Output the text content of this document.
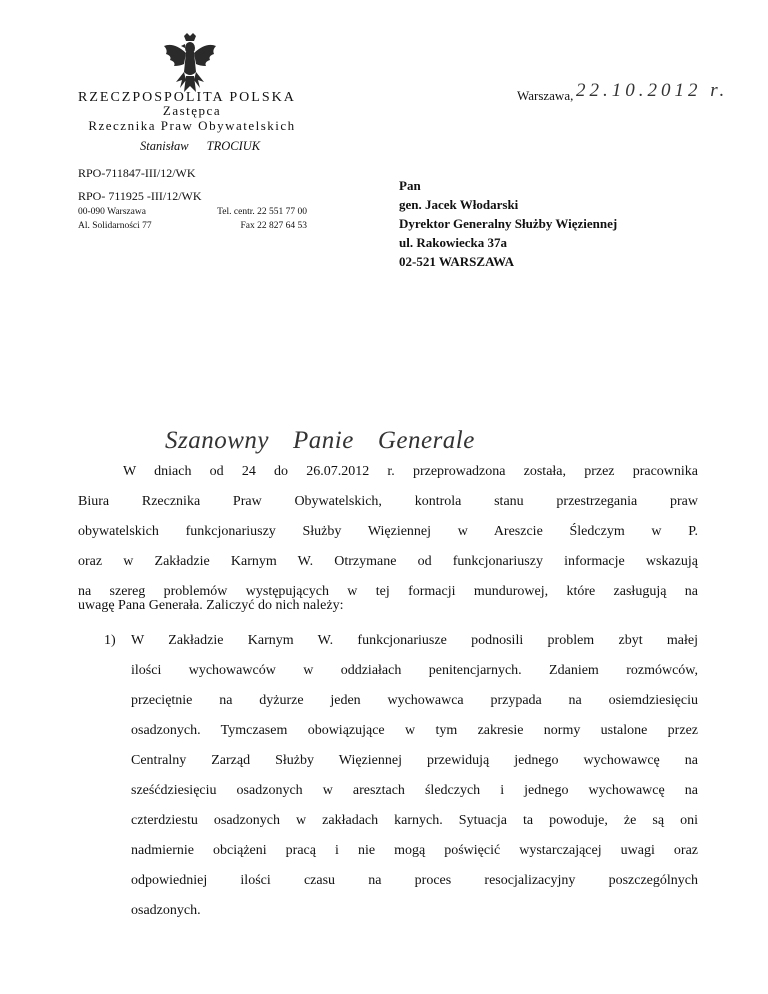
RZECZPOSPOLITA POLSKA
Zastępca
Rzecznika Praw Obywatelskich
Stanisław TROCIUK
RPO-711847-III/12/WK
RPO- 711925 -III/12/WK
00-090 Warszawa
Al. Solidarności 77
Tel. centr. 22 551 77 00
Fax 22 827 64 53
Warszawa, 22.10.2012 r.
Pan
gen. Jacek Włodarski
Dyrektor Generalny Służby Więziennej
ul. Rakowiecka 37a
02-521 WARSZAWA
Szanowny Panie Generale
W dniach od 24 do 26.07.2012 r. przeprowadzona została, przez pracownika
Biura Rzecznika Praw Obywatelskich, kontrola stanu przestrzegania praw
obywatelskich funkcjonariuszy Służby Więziennej w Areszcie Śledczym w P.
oraz w Zakładzie Karnym W. Otrzymane od funkcjonariuszy informacje wskazują
na szereg problemów występujących w tej formacji mundurowej, które zasługują na
uwagę Pana Generała. Zaliczyć do nich należy:
1) W Zakładzie Karnym W. funkcjonariusze podnosili problem zbyt małej
ilości wychowawców w oddziałach penitencjarnych. Zdaniem rozmówców,
przeciętnie na dyżurze jeden wychowawca przypada na osiemdziesięciu
osadzonych. Tymczasem obowiązujące w tym zakresie normy ustalone przez
Centralny Zarząd Służby Więziennej przewidują jednego wychowawcę na
sześćdziesięciu osadzonych w aresztach śledczych i jednego wychowawcę na
czterdziestu osadzonych w zakładach karnych. Sytuacja ta powoduje, że są oni
nadmiernie obciążeni pracą i nie mogą poświęcić wystarczającej uwagi oraz
odpowiedniej ilości czasu na proces resocjalizacyjny poszczególnych
osadzonych.
